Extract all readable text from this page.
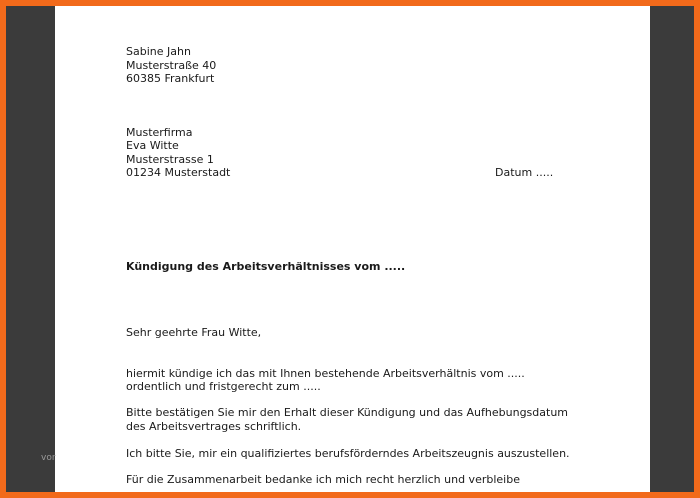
Sabine Jahn
Musterstraße 40
60385 Frankfurt
Musterfirma
Eva Witte
Musterstrasse 1
01234 Musterstadt	Datum .....
Kündigung des Arbeitsverhältnisses vom .....
Sehr geehrte Frau Witte,
hiermit kündige ich das mit Ihnen bestehende Arbeitsverhältnis vom .....
ordentlich und fristgerecht zum .....
Bitte bestätigen Sie mir den Erhalt dieser Kündigung und das Aufhebungsdatum
des Arbeitsvertrages schriftlich.
Ich bitte Sie, mir ein qualifiziertes berufsförderndes Arbeitszeugnis auszustellen.
Für die Zusammenarbeit bedanke ich mich recht herzlich und verbleibe
vor
